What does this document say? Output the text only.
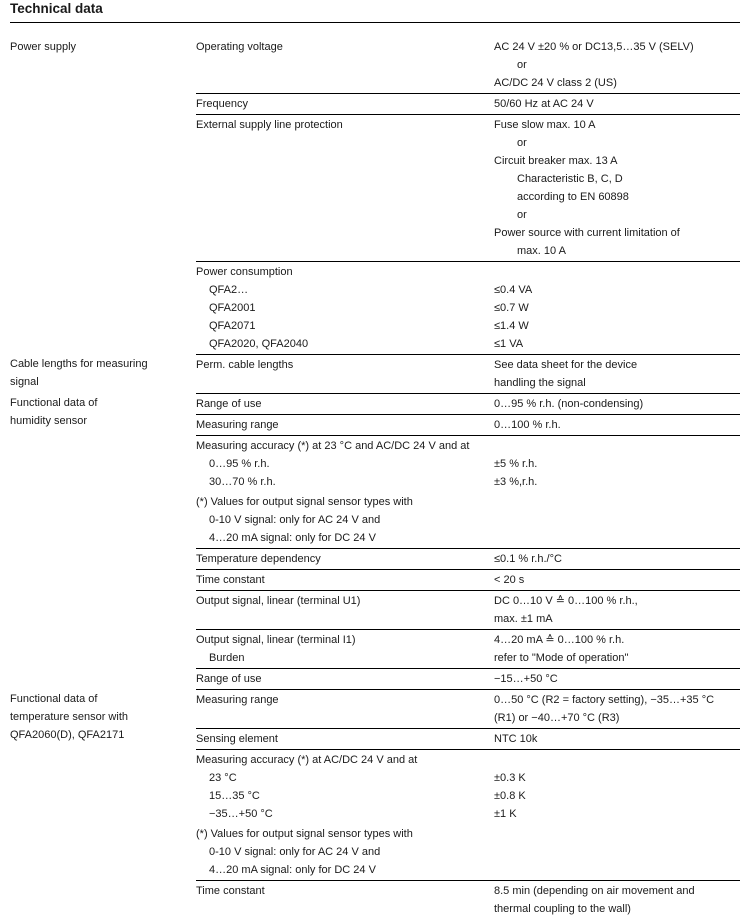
Technical data
Power supply	Operating voltage	AC 24 V ±20 % or DC13,5…35 V (SELV)
or
AC/DC 24 V class 2 (US)
Frequency	50/60 Hz at AC 24 V
External supply line protection	Fuse slow max. 10 A
or
Circuit breaker max. 13 A
Characteristic B, C, D
according to EN 60898
or
Power source with current limitation of
max. 10 A
Power consumption
QFA2…	≤0.4 VA
QFA2001	≤0.7 W
QFA2071	≤1.4 W
QFA2020, QFA2040	≤1 VA
Cable lengths for measuring
signal
Perm. cable lengths	See data sheet for the device
handling the signal
Functional data of
humidity sensor
Range of use	0…95 % r.h. (non-condensing)
Measuring range	0…100 % r.h.
Measuring accuracy (*) at 23 °C and AC/DC 24 V and at
0…95 % r.h.	±5 % r.h.
30…70 % r.h.	±3 %,r.h.
(*) Values for output signal sensor types with
0-10 V signal: only for AC 24 V and
4…20 mA signal: only for DC 24 V
Temperature dependency	≤0.1 % r.h./°C
Time constant	< 20 s
Output signal, linear (terminal U1)	DC 0…10 V ≙ 0…100 % r.h.,
max. ±1 mA
Output signal, linear (terminal I1)	4…20 mA ≙ 0…100 % r.h.
Burden	refer to "Mode of operation"
Range of use	−15…+50 °C
Functional data of
temperature sensor with
QFA2060(D), QFA2171
Measuring range	0…50 °C (R2 = factory setting), −35…+35 °C
(R1) or −40…+70 °C (R3)
Sensing element	NTC 10k
Measuring accuracy (*) at AC/DC 24 V and at
23 °C	±0.3 K
15…35 °C	±0.8 K
−35…+50 °C	±1 K
(*) Values for output signal sensor types with
0-10 V signal: only for AC 24 V and
4…20 mA signal: only for DC 24 V
Time constant	8.5 min (depending on air movement and
thermal coupling to the wall)
